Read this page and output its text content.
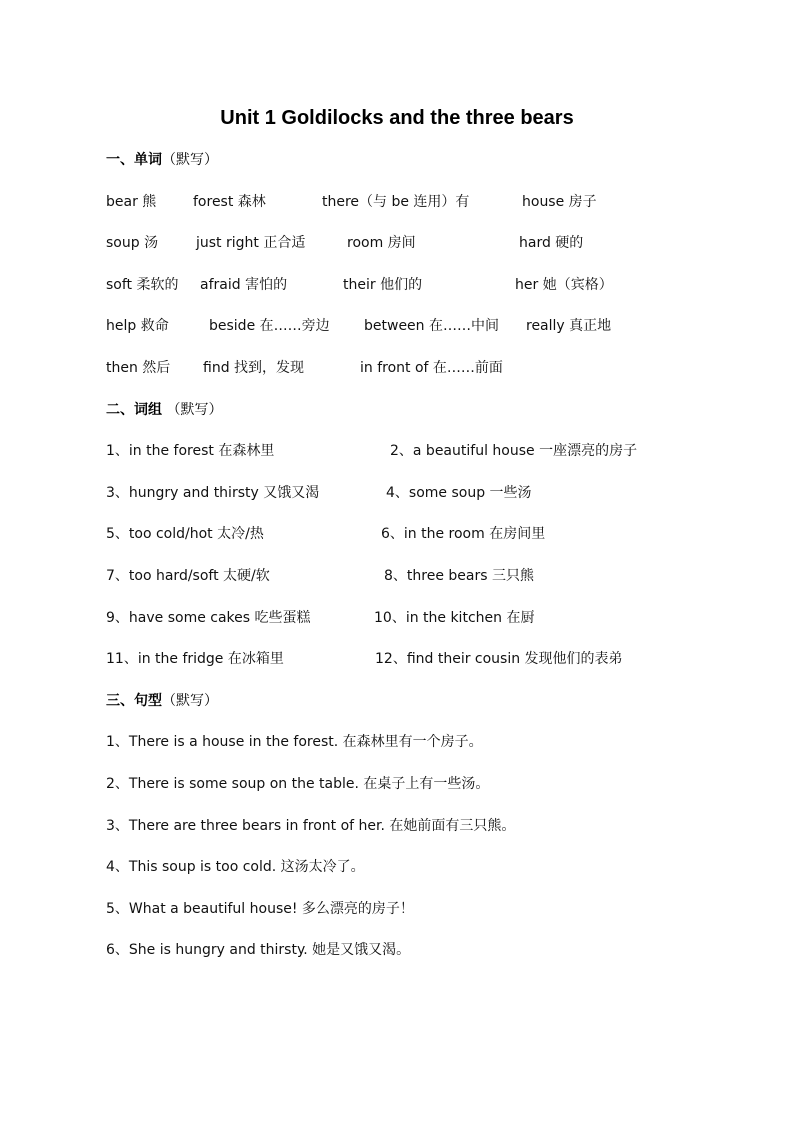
Unit 1 Goldilocks and the three bears
一、单词（默写）
bear 熊	forest 森林	there（与 be 连用）有	house 房子
soup 汤	just right 正合适	room 房间	hard 硬的
soft 柔软的 afraid 害怕的	their 他们的	her 她（宾格）
help 救命	beside 在……旁边 between 在……中间 really 真正地
then 然后 find 找到，发现	in front of 在……前面
二、词组 （默写）
1、in the forest 在森林里	2、a beautiful house 一座漂亮的房子
3、hungry and thirsty 又饿又渴	4、some soup 一些汤
5、too cold/hot 太冷/热	6、in the room 在房间里
7、too hard/soft 太硬/软	8、three bears 三只熊
9、have some cakes 吃些蛋糕	10、in the kitchen 在厨
11、in the fridge 在冰箱里	12、find their cousin 发现他们的表弟
三、句型（默写）
1、There is a house in the forest. 在森林里有一个房子。
2、There is some soup on the table. 在桌子上有一些汤。
3、There are three bears in front of her. 在她前面有三只熊。
4、This soup is too cold. 这汤太冷了。
5、What a beautiful house! 多么漂亮的房子！
6、She is hungry and thirsty. 她是又饿又渴。
